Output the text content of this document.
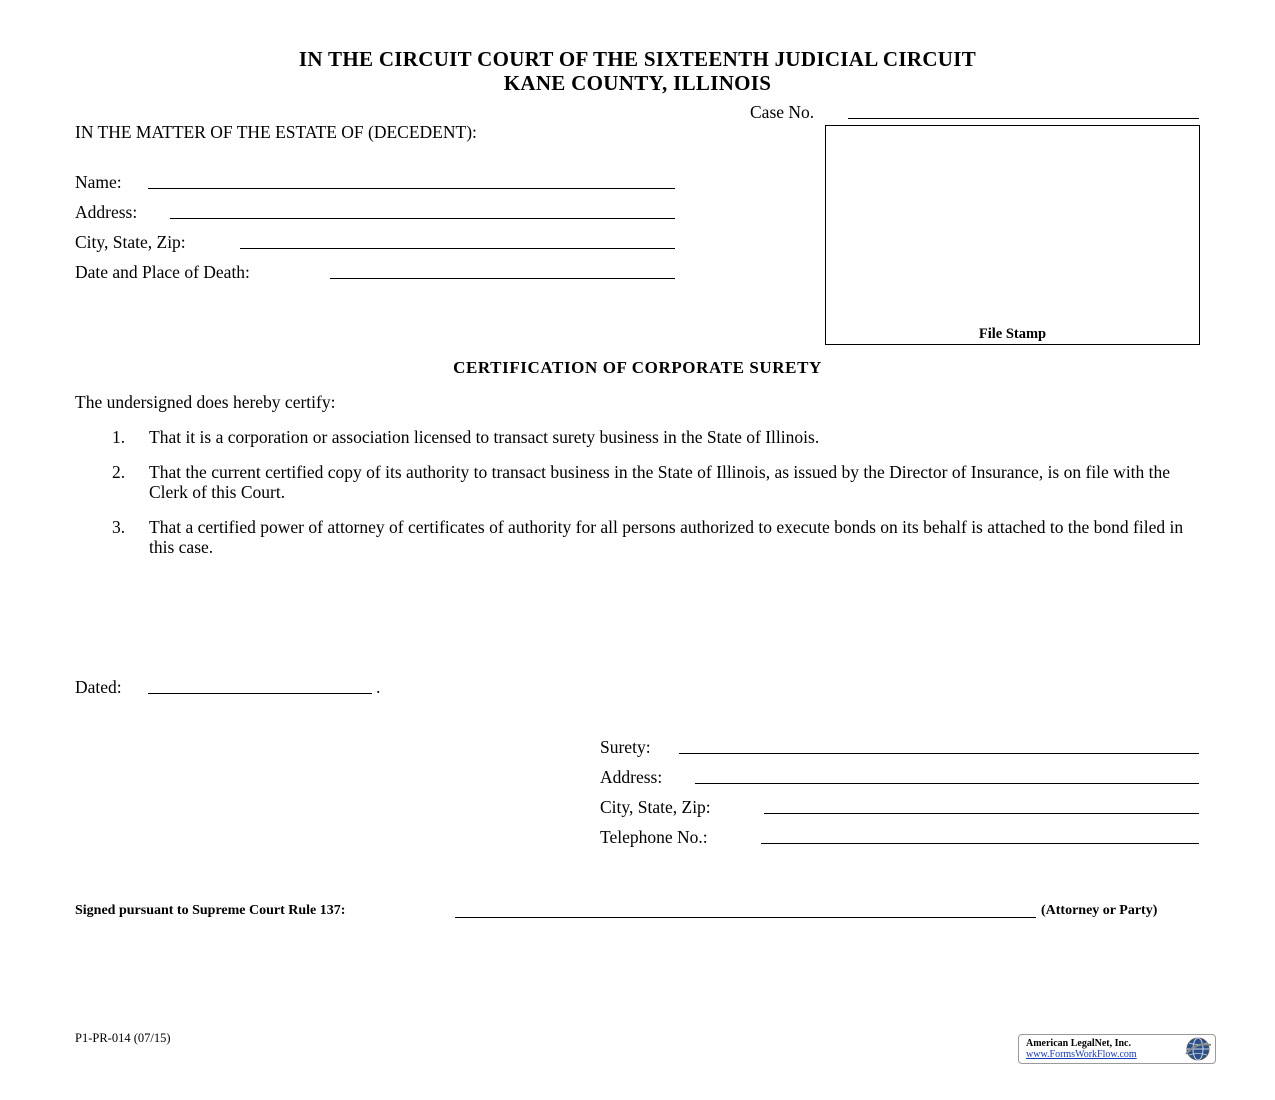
IN THE CIRCUIT COURT OF THE SIXTEENTH JUDICIAL CIRCUIT
KANE COUNTY, ILLINOIS
Case No.
IN THE MATTER OF THE ESTATE OF (DECEDENT):
Name:
Address:
City, State, Zip:
Date and Place of Death:
File Stamp
CERTIFICATION OF CORPORATE SURETY
The undersigned does hereby certify:
1. That it is a corporation or association licensed to transact surety business in the State of Illinois.
2. That the current certified copy of its authority to transact business in the State of Illinois, as issued by the Director of Insurance, is on file with the Clerk of this Court.
3. That a certified power of attorney of certificates of authority for all persons authorized to execute bonds on its behalf is attached to the bond filed in this case.
Dated:	.
Surety:
Address:
City, State, Zip:
Telephone No.:
Signed pursuant to Supreme Court Rule 137:	(Attorney or Party)
P1-PR-014 (07/15)	American LegalNet, Inc.
www.FormsWorkFlow.com
